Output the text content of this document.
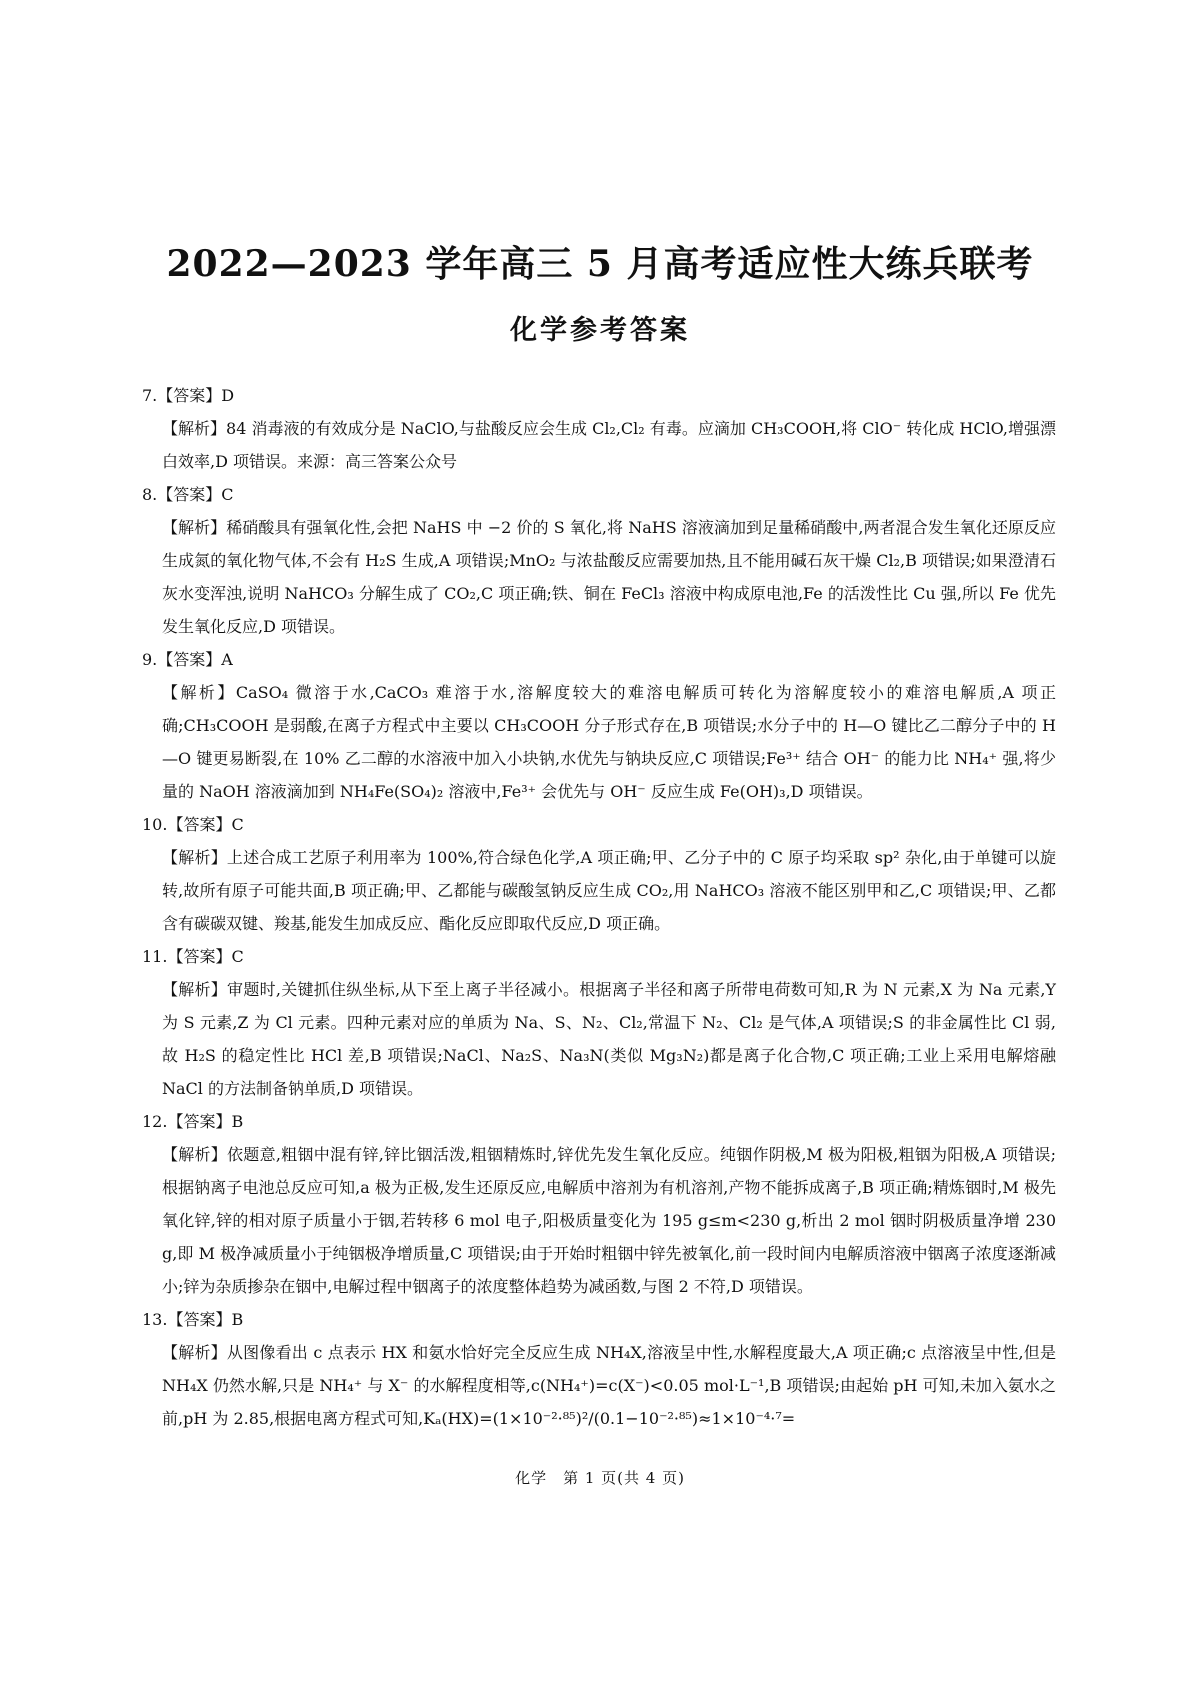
2022—2023 学年高三 5 月高考适应性大练兵联考
化学参考答案

7.【答案】D

【解析】84 消毒液的有效成分是 NaClO,与盐酸反应会生成 Cl₂,Cl₂ 有毒。应滴加 CH₃COOH,将 ClO⁻ 转化成 HClO,增强漂白效率,D 项错误。来源：高三答案公众号

8.【答案】C

【解析】稀硝酸具有强氧化性,会把 NaHS 中 −2 价的 S 氧化,将 NaHS 溶液滴加到足量稀硝酸中,两者混合发生氧化还原反应生成氮的氧化物气体,不会有 H₂S 生成,A 项错误;MnO₂ 与浓盐酸反应需要加热,且不能用碱石灰干燥 Cl₂,B 项错误;如果澄清石灰水变浑浊,说明 NaHCO₃ 分解生成了 CO₂,C 项正确;铁、铜在 FeCl₃ 溶液中构成原电池,Fe 的活泼性比 Cu 强,所以 Fe 优先发生氧化反应,D 项错误。

9.【答案】A

【解析】CaSO₄ 微溶于水,CaCO₃ 难溶于水,溶解度较大的难溶电解质可转化为溶解度较小的难溶电解质,A 项正确;CH₃COOH 是弱酸,在离子方程式中主要以 CH₃COOH 分子形式存在,B 项错误;水分子中的 H—O 键比乙二醇分子中的 H—O 键更易断裂,在 10% 乙二醇的水溶液中加入小块钠,水优先与钠块反应,C 项错误;Fe³⁺ 结合 OH⁻ 的能力比 NH₄⁺ 强,将少量的 NaOH 溶液滴加到 NH₄Fe(SO₄)₂ 溶液中,Fe³⁺ 会优先与 OH⁻ 反应生成 Fe(OH)₃,D 项错误。

10.【答案】C

【解析】上述合成工艺原子利用率为 100%,符合绿色化学,A 项正确;甲、乙分子中的 C 原子均采取 sp² 杂化,由于单键可以旋转,故所有原子可能共面,B 项正确;甲、乙都能与碳酸氢钠反应生成 CO₂,用 NaHCO₃ 溶液不能区别甲和乙,C 项错误;甲、乙都含有碳碳双键、羧基,能发生加成反应、酯化反应即取代反应,D 项正确。

11.【答案】C

【解析】审题时,关键抓住纵坐标,从下至上离子半径减小。根据离子半径和离子所带电荷数可知,R 为 N 元素,X 为 Na 元素,Y 为 S 元素,Z 为 Cl 元素。四种元素对应的单质为 Na、S、N₂、Cl₂,常温下 N₂、Cl₂ 是气体,A 项错误;S 的非金属性比 Cl 弱,故 H₂S 的稳定性比 HCl 差,B 项错误;NaCl、Na₂S、Na₃N(类似 Mg₃N₂)都是离子化合物,C 项正确;工业上采用电解熔融 NaCl 的方法制备钠单质,D 项错误。

12.【答案】B

【解析】依题意,粗铟中混有锌,锌比铟活泼,粗铟精炼时,锌优先发生氧化反应。纯铟作阴极,M 极为阳极,粗铟为阳极,A 项错误;根据钠离子电池总反应可知,a 极为正极,发生还原反应,电解质中溶剂为有机溶剂,产物不能拆成离子,B 项正确;精炼铟时,M 极先氧化锌,锌的相对原子质量小于铟,若转移 6 mol 电子,阳极质量变化为 195 g≤m<230 g,析出 2 mol 铟时阴极质量净增 230 g,即 M 极净减质量小于纯铟极净增质量,C 项错误;由于开始时粗铟中锌先被氧化,前一段时间内电解质溶液中铟离子浓度逐渐减小;锌为杂质掺杂在铟中,电解过程中铟离子的浓度整体趋势为减函数,与图 2 不符,D 项错误。

13.【答案】B

【解析】从图像看出 c 点表示 HX 和氨水恰好完全反应生成 NH₄X,溶液呈中性,水解程度最大,A 项正确;c 点溶液呈中性,但是 NH₄X 仍然水解,只是 NH₄⁺ 与 X⁻ 的水解程度相等,c(NH₄⁺)=c(X⁻)<0.05 mol·L⁻¹,B 项错误;由起始 pH 可知,未加入氨水之前,pH 为 2.85,根据电离方程式可知,Kₐ(HX)=(1×10⁻²·⁸⁵)²/(0.1−10⁻²·⁸⁵)≈1×10⁻⁴·⁷=

化学　第 1 页(共 4 页)
